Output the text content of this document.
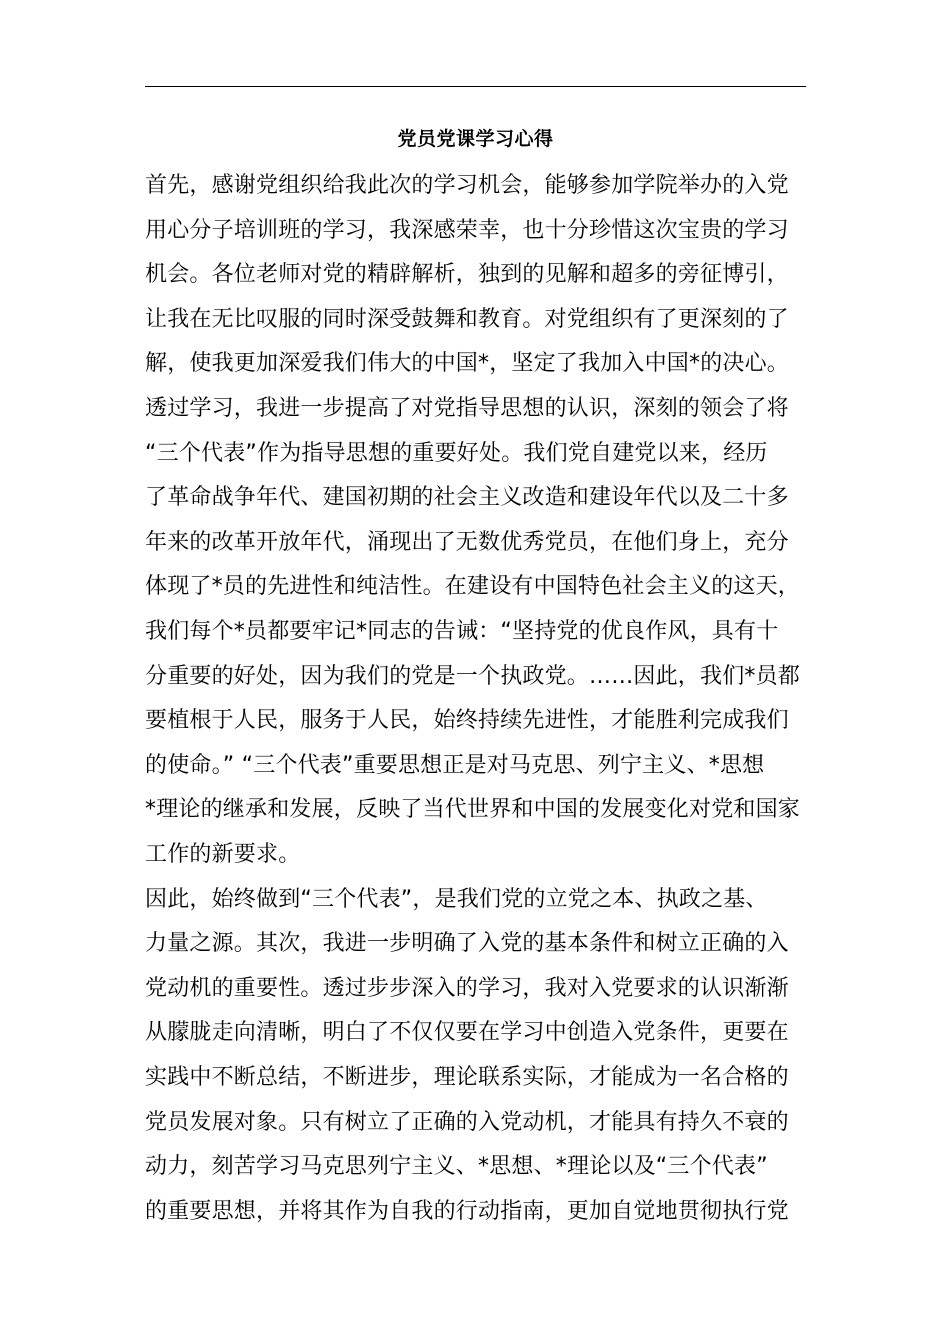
党员党课学习心得
首先，感谢党组织给我此次的学习机会，能够参加学院举办的入党
用心分子培训班的学习，我深感荣幸，也十分珍惜这次宝贵的学习
机会。各位老师对党的精辟解析，独到的见解和超多的旁征博引，
让我在无比叹服的同时深受鼓舞和教育。对党组织有了更深刻的了
解，使我更加深爱我们伟大的中国*，坚定了我加入中国*的决心。
透过学习，我进一步提高了对党指导思想的认识，深刻的领会了将
“三个代表”作为指导思想的重要好处。我们党自建党以来，经历
了革命战争年代、建国初期的社会主义改造和建设年代以及二十多
年来的改革开放年代，涌现出了无数优秀党员，在他们身上，充分
体现了*员的先进性和纯洁性。在建设有中国特色社会主义的这天，
我们每个*员都要牢记*同志的告诫：“坚持党的优良作风，具有十
分重要的好处，因为我们的党是一个执政党。……因此，我们*员都
要植根于人民，服务于人民，始终持续先进性，才能胜利完成我们
的使命。” “三个代表”重要思想正是对马克思、列宁主义、*思想
*理论的继承和发展，反映了当代世界和中国的发展变化对党和国家
工作的新要求。
因此，始终做到“三个代表”，是我们党的立党之本、执政之基、
力量之源。其次，我进一步明确了入党的基本条件和树立正确的入
党动机的重要性。透过步步深入的学习，我对入党要求的认识渐渐
从朦胧走向清晰，明白了不仅仅要在学习中创造入党条件，更要在
实践中不断总结，不断进步，理论联系实际，才能成为一名合格的
党员发展对象。只有树立了正确的入党动机，才能具有持久不衰的
动力，刻苦学习马克思列宁主义、*思想、*理论以及“三个代表”
的重要思想，并将其作为自我的行动指南，更加自觉地贯彻执行党
